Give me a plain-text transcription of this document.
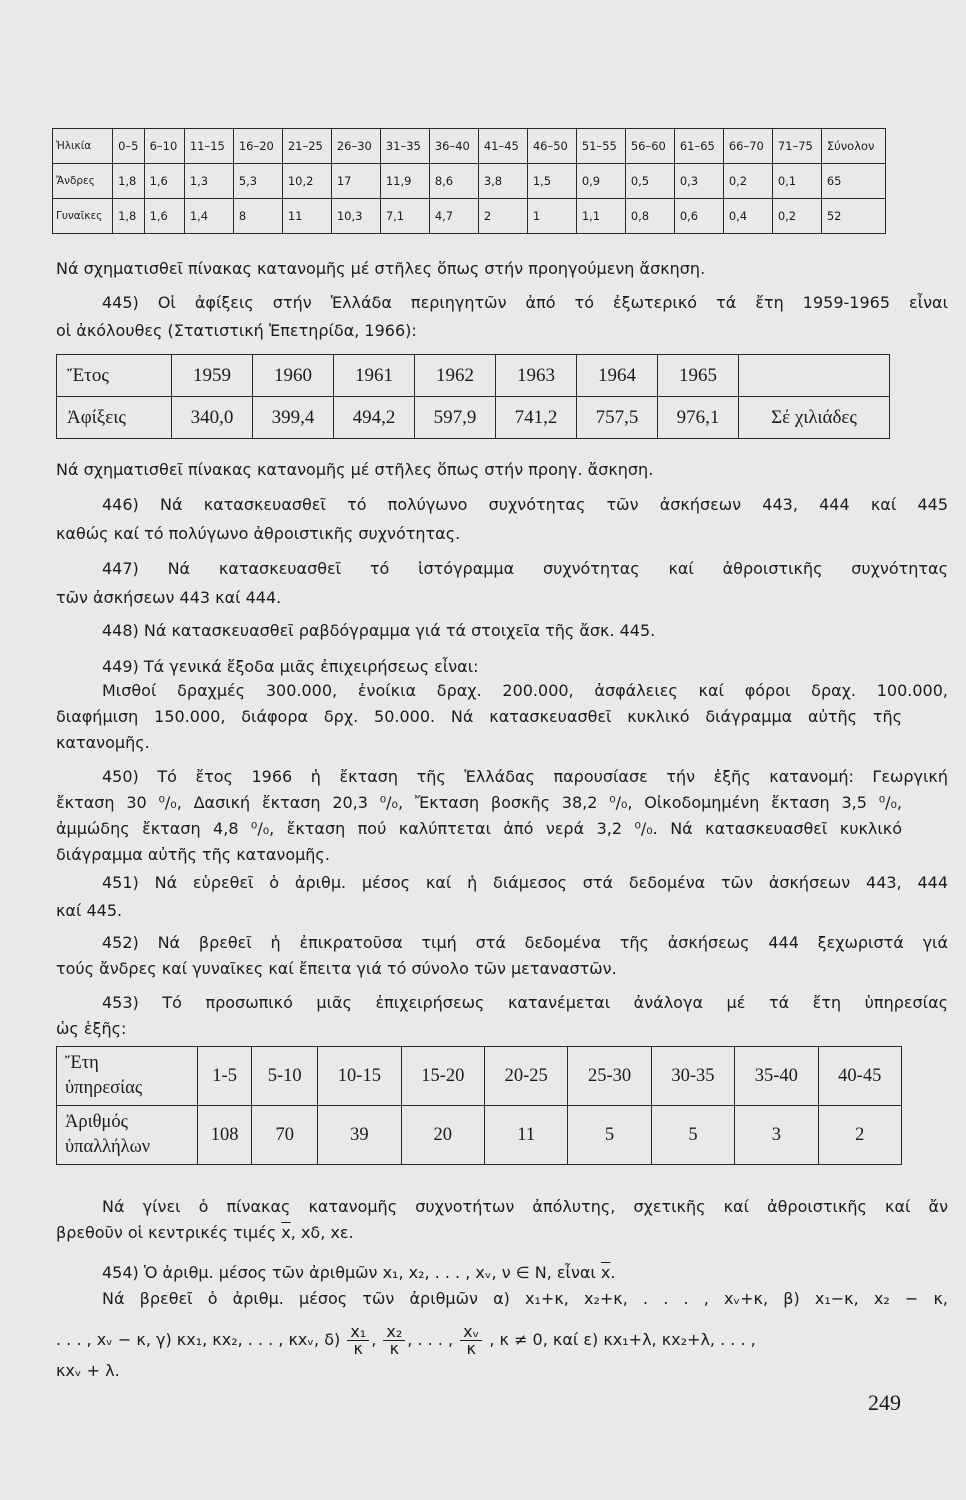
Ἡλικία	0–5	6–10	11–15	16–20	21–25	26–30	31–35	36–40	41–45	46–50	51–55	56–60	61–65	66–70	71–75	Σύνολον
Ἄνδρες	1,8	1,6	1,3	5,3	10,2	17	11,9	8,6	3,8	1,5	0,9	0,5	0,3	0,2	0,1	65
Γυναῖκες	1,8	1,6	1,4	8	11	10,3	7,1	4,7	2	1	1,1	0,8	0,6	0,4	0,2	52
Νά σχηματισθεῖ πίνακας κατανομῆς μέ στῆλες ὅπως στήν προηγούμενη ἄσκηση.
445) Οἱ ἀφίξεις στήν Ἑλλάδα περιηγητῶν ἀπό τό ἐξωτερικό τά ἔτη 1959-1965 εἶναι
οἱ ἀκόλουθες (Στατιστική Ἐπετηρίδα, 1966):
Ἔτος	1959	1960	1961	1962	1963	1964	1965	
Ἀφίξεις	340,0	399,4	494,2	597,9	741,2	757,5	976,1	Σέ χιλιάδες
Νά σχηματισθεῖ πίνακας κατανομῆς μέ στῆλες ὅπως στήν προηγ. ἄσκηση.
446) Νά κατασκευασθεῖ τό πολύγωνο συχνότητας τῶν ἀσκήσεων 443, 444 καί 445
καθώς καί τό πολύγωνο ἀθροιστικῆς συχνότητας.
447) Νά κατασκευασθεῖ τό ἱστόγραμμα συχνότητας καί ἀθροιστικῆς συχνότητας
τῶν ἀσκήσεων 443 καί 444.
448) Νά κατασκευασθεῖ ραβδόγραμμα γιά τά στοιχεῖα τῆς ἄσκ. 445.
449) Τά γενικά ἔξοδα μιᾶς ἐπιχειρήσεως εἶναι:
Μισθοί δραχμές 300.000, ἐνοίκια δραχ. 200.000, ἀσφάλειες καί φόροι δραχ. 100.000,
διαφήμιση 150.000, διάφορα δρχ. 50.000. Νά κατασκευασθεῖ κυκλικό διάγραμμα αὐτῆς τῆς
κατανομῆς.
450) Τό ἔτος 1966 ἡ ἔκταση τῆς Ἑλλάδας παρουσίασε τήν ἑξῆς κατανομή: Γεωργική
ἔκταση 30 ⁰/₀, Δασική ἔκταση 20,3 ⁰/₀, Ἔκταση βοσκῆς 38,2 ⁰/₀, Οἰκοδομημένη ἔκταση 3,5 ⁰/₀,
ἀμμώδης ἔκταση 4,8 ⁰/₀, ἔκταση πού καλύπτεται ἀπό νερά 3,2 ⁰/₀. Νά κατασκευασθεῖ κυκλικό
διάγραμμα αὐτῆς τῆς κατανομῆς.
451) Νά εὑρεθεῖ ὁ ἀριθμ. μέσος καί ἡ διάμεσος στά δεδομένα τῶν ἀσκήσεων 443, 444
καί 445.
452) Νά βρεθεῖ ἡ ἐπικρατοῦσα τιμή στά δεδομένα τῆς ἀσκήσεως 444 ξεχωριστά γιά
τούς ἄνδρες καί γυναῖκες καί ἔπειτα γιά τό σύνολο τῶν μεταναστῶν.
453) Τό προσωπικό μιᾶς ἐπιχειρήσεως κατανέμεται ἀνάλογα μέ τά ἔτη ὑπηρεσίας
ὡς ἑξῆς:
Ἔτη
ὑπηρεσίας	1-5	5-10	10-15	15-20	20-25	25-30	30-35	35-40	40-45
Ἀριθμός
ὑπαλλήλων	108	70	39	20	11	5	5	3	2
Νά γίνει ὁ πίνακας κατανομῆς συχνοτήτων ἀπόλυτης, σχετικῆς καί ἀθροιστικῆς καί ἄν
βρεθοῦν οἱ κεντρικές τιμές $\overline{x}$, xδ, xε.
454) Ὁ ἀριθμ. μέσος τῶν ἀριθμῶν x₁, x₂, . . . , xᵥ, ν ∈ N, εἶναι $\overline{x}$.
Νά βρεθεῖ ὁ ἀριθμ. μέσος τῶν ἀριθμῶν α) x₁+κ, x₂+κ, . . . , xᵥ+κ, β) x₁−κ, x₂ − κ,
. . . , xᵥ − κ, γ) κx₁, κx₂, . . . , κxᵥ, $\delta) \frac{\text{x₁}}{\kappa}$ , $\frac{\text{x₂}}{\kappa}$ , . . . , $\frac{\text{xᵥ}}{\kappa}$ , κ ≠ 0, καί ε) κx₁+λ, κx₂+λ, . . . ,
κxᵥ + λ.
249
